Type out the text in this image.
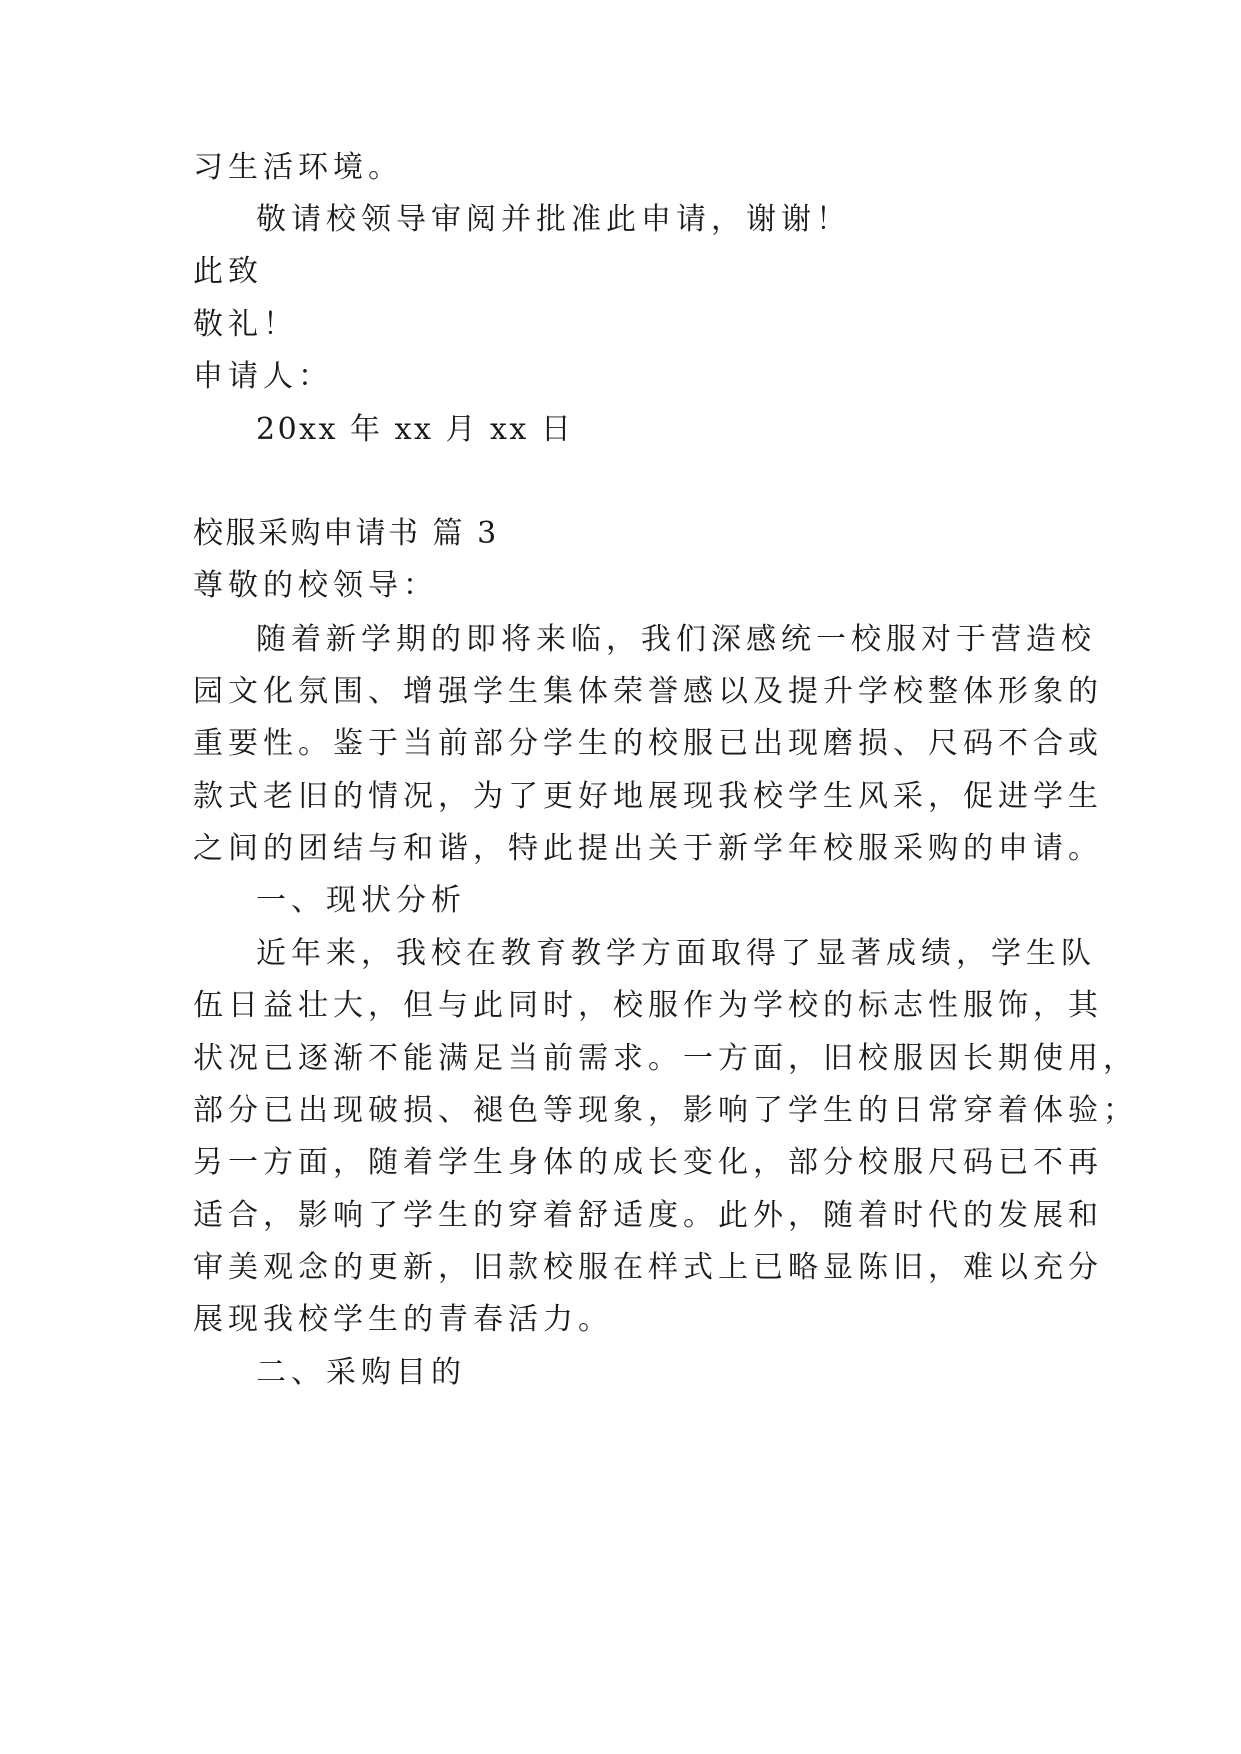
习生活环境。
敬请校领导审阅并批准此申请，谢谢！
此致
敬礼！
申请人：
20xx 年 xx 月 xx 日
校服采购申请书 篇 3
尊敬的校领导：
随着新学期的即将来临，我们深感统一校服对于营造校
园文化氛围、增强学生集体荣誉感以及提升学校整体形象的
重要性。鉴于当前部分学生的校服已出现磨损、尺码不合或
款式老旧的情况，为了更好地展现我校学生风采，促进学生
之间的团结与和谐，特此提出关于新学年校服采购的申请。
一、现状分析
近年来，我校在教育教学方面取得了显著成绩，学生队
伍日益壮大，但与此同时，校服作为学校的标志性服饰，其
状况已逐渐不能满足当前需求。一方面，旧校服因长期使用，
部分已出现破损、褪色等现象，影响了学生的日常穿着体验；
另一方面，随着学生身体的成长变化，部分校服尺码已不再
适合，影响了学生的穿着舒适度。此外，随着时代的发展和
审美观念的更新，旧款校服在样式上已略显陈旧，难以充分
展现我校学生的青春活力。
二、采购目的
